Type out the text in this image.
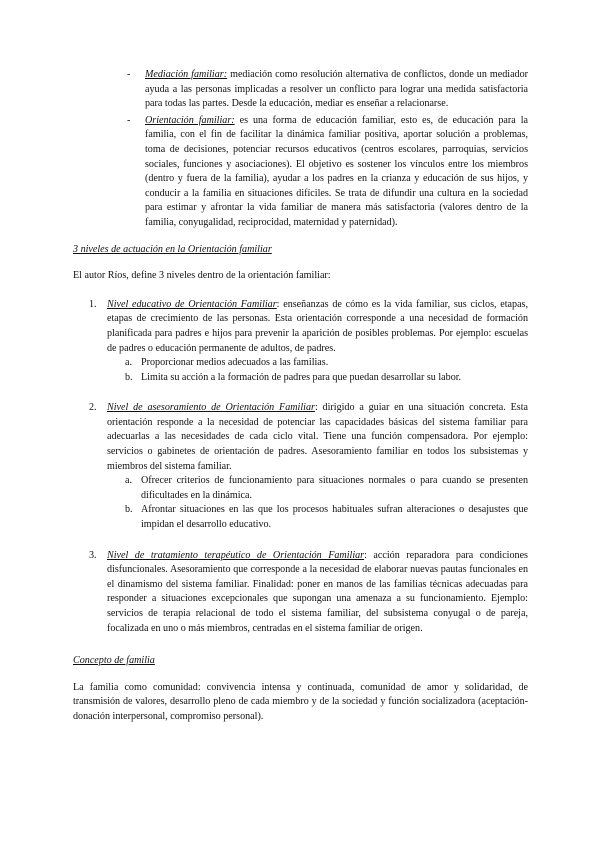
- Mediación familiar: mediación como resolución alternativa de conflictos, donde un mediador ayuda a las personas implicadas a resolver un conflicto para lograr una medida satisfactoria para todas las partes. Desde la educación, mediar es enseñar a relacionarse.
- Orientación familiar: es una forma de educación familiar, esto es, de educación para la familia, con el fin de facilitar la dinámica familiar positiva, aportar solución a problemas, toma de decisiones, potenciar recursos educativos (centros escolares, parroquias, servicios sociales, funciones y asociaciones). El objetivo es sostener los vínculos entre los miembros (dentro y fuera de la familia), ayudar a los padres en la crianza y educación de sus hijos, y conducir a la familia en situaciones difíciles. Se trata de difundir una cultura en la sociedad para estimar y afrontar la vida familiar de manera más satisfactoria (valores dentro de la familia, conyugalidad, reciprocidad, maternidad y paternidad).

3 niveles de actuación en la Orientación familiar

El autor Ríos, define 3 niveles dentro de la orientación familiar:

1. Nivel educativo de Orientación Familiar: enseñanzas de cómo es la vida familiar, sus ciclos, etapas, etapas de crecimiento de las personas. Esta orientación corresponde a una necesidad de formación planificada para padres e hijos para prevenir la aparición de posibles problemas. Por ejemplo: escuelas de padres o educación permanente de adultos, de padres.
a. Proporcionar medios adecuados a las familias.
b. Limita su acción a la formación de padres para que puedan desarrollar su labor.
2. Nivel de asesoramiento de Orientación Familiar: dirigido a guiar en una situación concreta. Esta orientación responde a la necesidad de potenciar las capacidades básicas del sistema familiar para adecuarlas a las necesidades de cada ciclo vital. Tiene una función compensadora. Por ejemplo: servicios o gabinetes de orientación de padres. Asesoramiento familiar en todos los subsistemas y miembros del sistema familiar.
a. Ofrecer criterios de funcionamiento para situaciones normales o para cuando se presenten dificultades en la dinámica.
b. Afrontar situaciones en las que los procesos habituales sufran alteraciones o desajustes que impidan el desarrollo educativo.
3. Nivel de tratamiento terapéutico de Orientación Familiar: acción reparadora para condiciones disfuncionales. Asesoramiento que corresponde a la necesidad de elaborar nuevas pautas funcionales en el dinamismo del sistema familiar. Finalidad: poner en manos de las familias técnicas adecuadas para responder a situaciones excepcionales que supongan una amenaza a su funcionamiento. Ejemplo: servicios de terapia relacional de todo el sistema familiar, del subsistema conyugal o de pareja, focalizada en uno o más miembros, centradas en el sistema familiar de origen.

Concepto de familia

La familia como comunidad: convivencia intensa y continuada, comunidad de amor y solidaridad, de transmisión de valores, desarrollo pleno de cada miembro y de la sociedad y función socializadora (aceptación- donación interpersonal, compromiso personal).
